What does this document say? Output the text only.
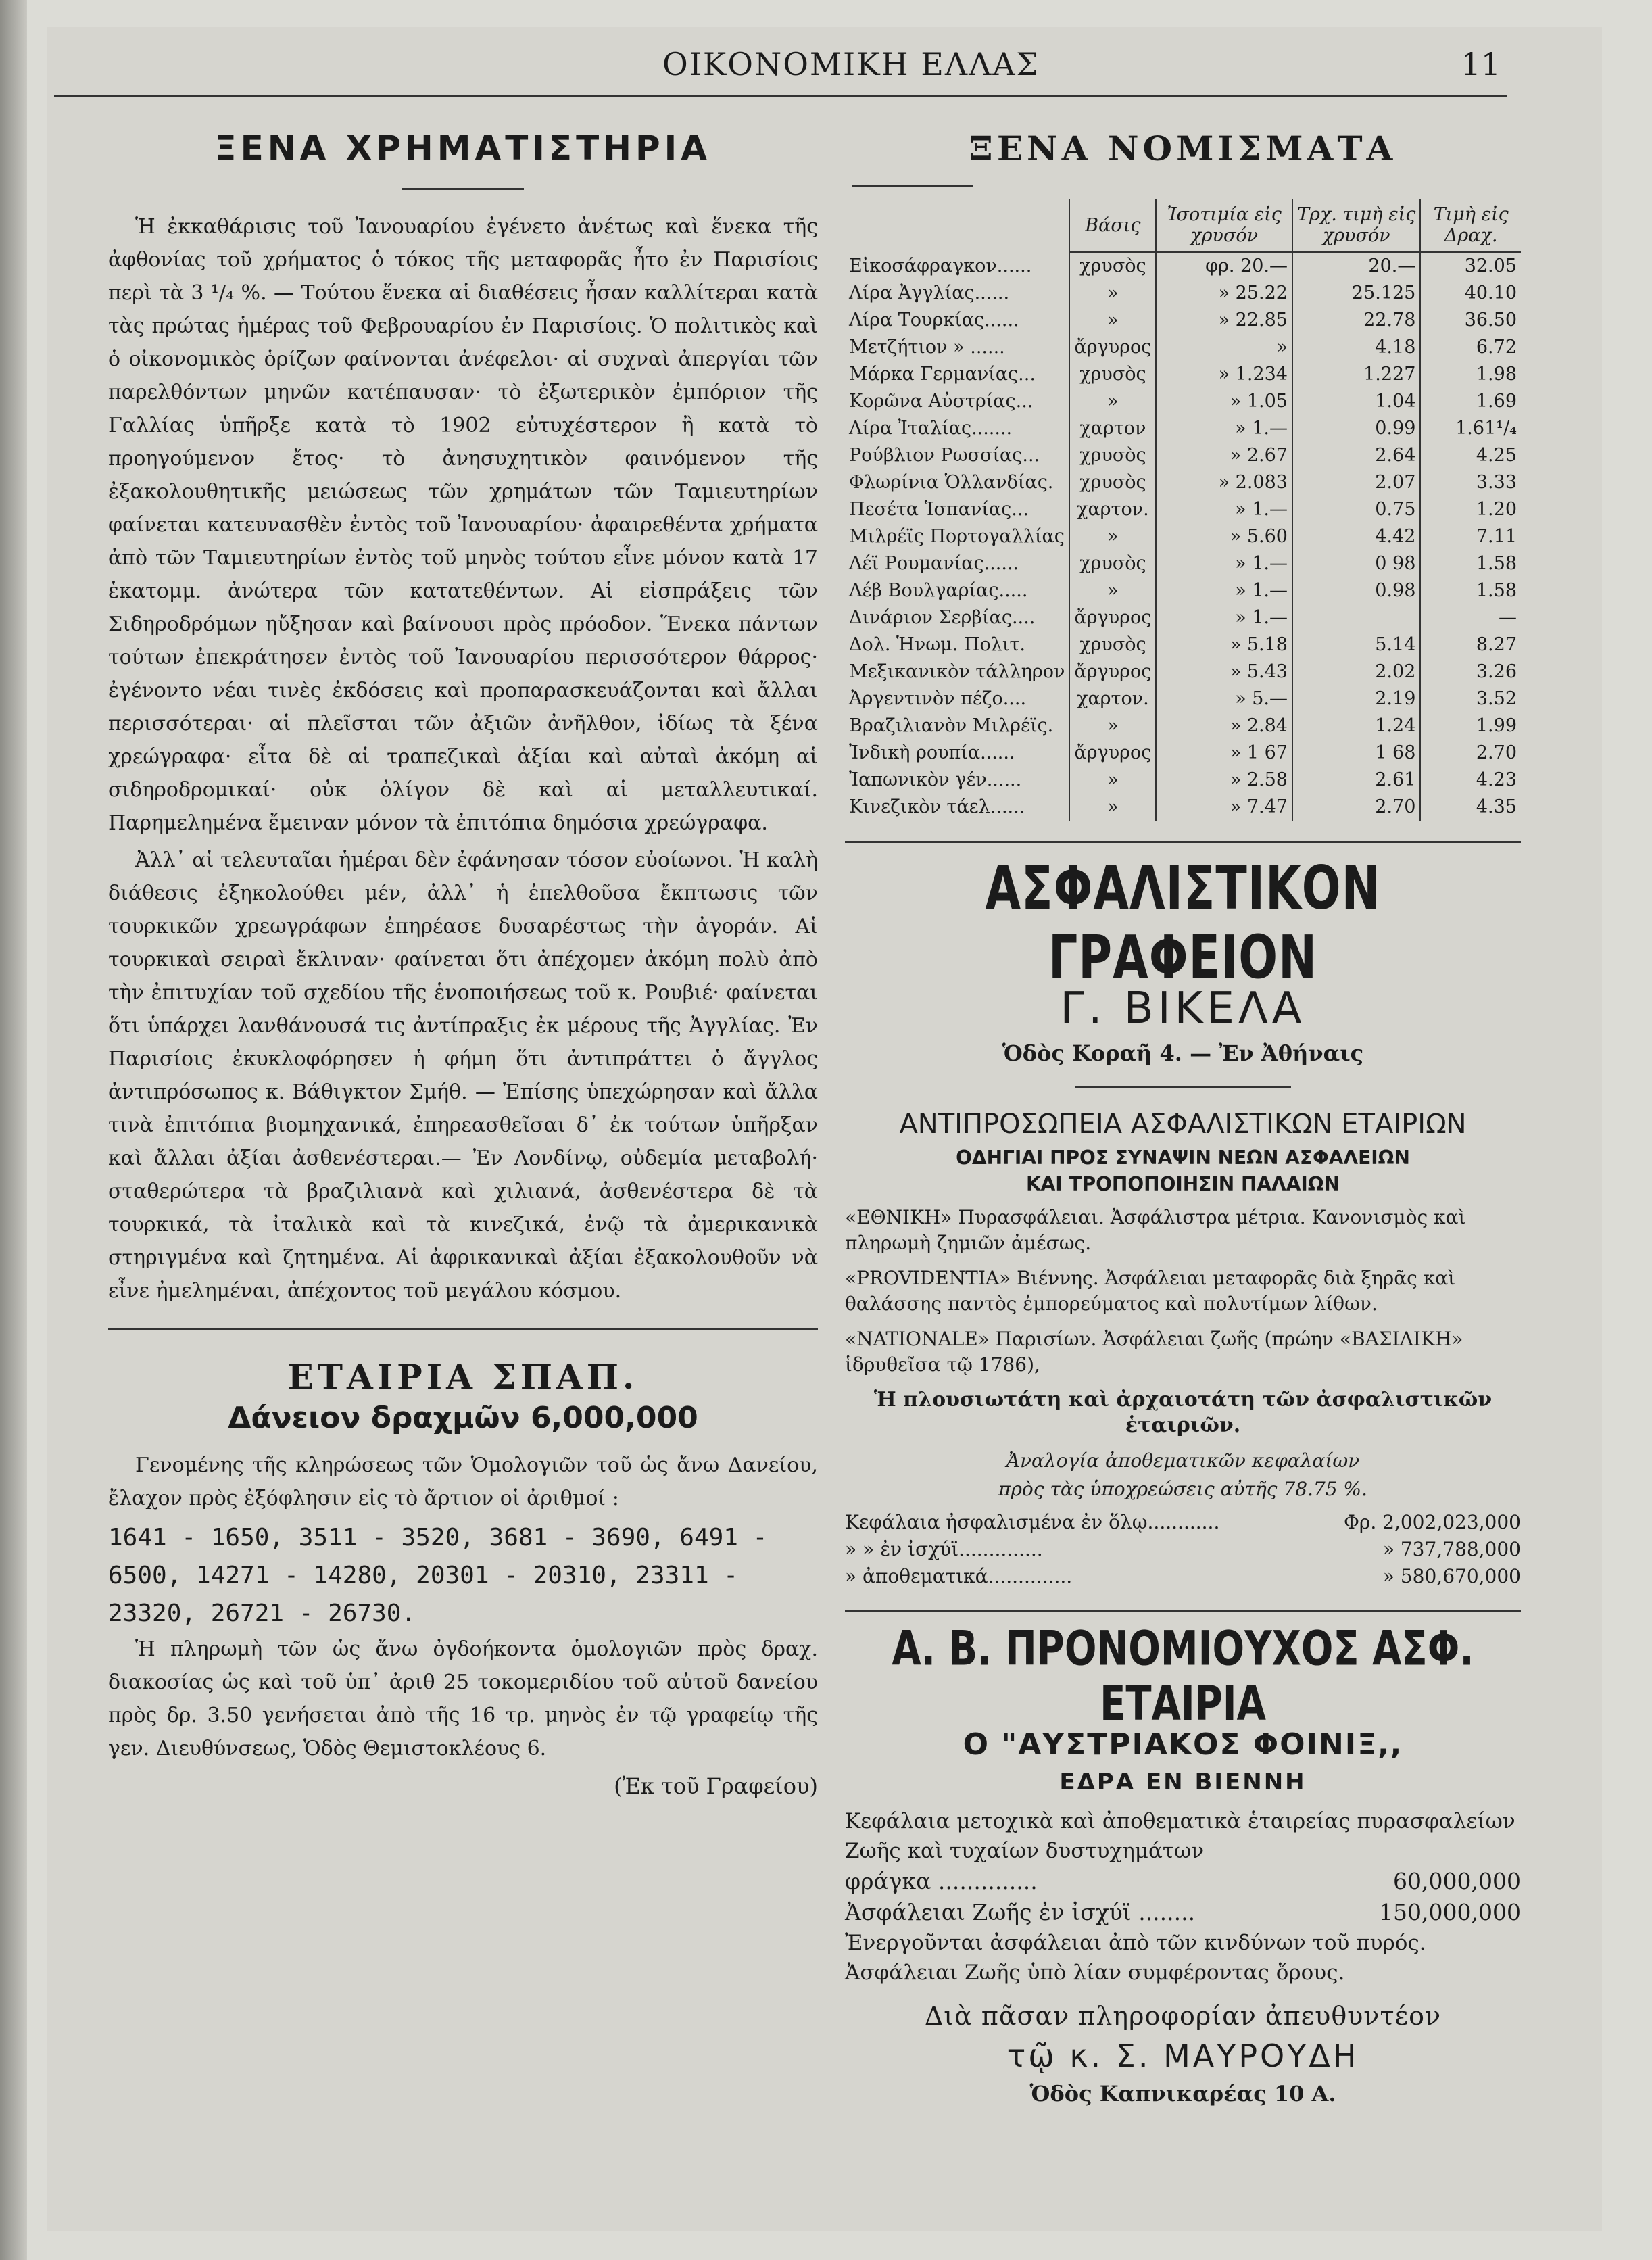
ΟΙΚΟΝΟΜΙΚΗ ΕΛΛΑΣ	11
ΞΕΝΑ ΧΡΗΜΑΤΙΣΤΗΡΙΑ

Ἡ ἐκκαθάρισις τοῦ Ἰανουαρίου ἐγένετο ἀνέτως καὶ ἕνεκα τῆς ἀφθονίας τοῦ χρήματος ὁ τόκος τῆς μεταφορᾶς ἦτο ἐν Παρισίοις περὶ τὰ 3 ¹/₄ %. — Τούτου ἕνεκα αἱ διαθέσεις ἦσαν καλλίτεραι κατὰ τὰς πρώτας ἡμέρας τοῦ Φεβρουαρίου ἐν Παρισίοις. Ὁ πολιτικὸς καὶ ὁ οἰκονομικὸς ὁρίζων φαίνονται ἀνέφελοι· αἱ συχναὶ ἀπεργίαι τῶν παρελθόντων μηνῶν κατέπαυσαν· τὸ ἐξωτερικὸν ἐμπόριον τῆς Γαλλίας ὑπῆρξε κατὰ τὸ 1902 εὐτυχέστερον ἢ κατὰ τὸ προηγούμενον ἔτος· τὸ ἀνησυχητικὸν φαινόμενον τῆς ἐξακολουθητικῆς μειώσεως τῶν χρημάτων τῶν Ταμιευτηρίων φαίνεται κατευνασθὲν ἐντὸς τοῦ Ἰανουαρίου· ἀφαιρεθέντα χρήματα ἀπὸ τῶν Ταμιευτηρίων ἐντὸς τοῦ μηνὸς τούτου εἶνε μόνον κατὰ 17 ἑκατομμ. ἀνώτερα τῶν κατατεθέντων. Αἱ εἰσπράξεις τῶν Σιδηροδρόμων ηὔξησαν καὶ βαίνουσι πρὸς πρόοδον. Ἕνεκα πάντων τούτων ἐπεκράτησεν ἐντὸς τοῦ Ἰανουαρίου περισσότερον θάρρος· ἐγένοντο νέαι τινὲς ἐκδόσεις καὶ προπαρασκευάζονται καὶ ἄλλαι περισσότεραι· αἱ πλεῖσται τῶν ἀξιῶν ἀνῆλθον, ἰδίως τὰ ξένα χρεώγραφα· εἶτα δὲ αἱ τραπεζικαὶ ἀξίαι καὶ αὐταὶ ἀκόμη αἱ σιδηροδρομικαί· οὐκ ὀλίγον δὲ καὶ αἱ μεταλλευτικαί. Παρημελημένα ἔμειναν μόνον τὰ ἐπιτόπια δημόσια χρεώγραφα.

Ἀλλ᾽ αἱ τελευταῖαι ἡμέραι δὲν ἐφάνησαν τόσον εὐοίωνοι. Ἡ καλὴ διάθεσις ἐξηκολούθει μέν, ἀλλ᾽ ἡ ἐπελθοῦσα ἔκπτωσις τῶν τουρκικῶν χρεωγράφων ἐπηρέασε δυσαρέστως τὴν ἀγοράν. Αἱ τουρκικαὶ σειραὶ ἔκλιναν· φαίνεται ὅτι ἀπέχομεν ἀκόμη πολὺ ἀπὸ τὴν ἐπιτυχίαν τοῦ σχεδίου τῆς ἑνοποιήσεως τοῦ κ. Ρουβιέ· φαίνεται ὅτι ὑπάρχει λανθάνουσά τις ἀντίπραξις ἐκ μέρους τῆς Ἀγγλίας. Ἐν Παρισίοις ἐκυκλοφόρησεν ἡ φήμη ὅτι ἀντιπράττει ὁ ἄγγλος ἀντιπρόσωπος κ. Βάθιγκτον Σμήθ. — Ἐπίσης ὑπεχώρησαν καὶ ἄλλα τινὰ ἐπιτόπια βιομηχανικά, ἐπηρεασθεῖσαι δ᾽ ἐκ τούτων ὑπῆρξαν καὶ ἄλλαι ἀξίαι ἀσθενέστεραι.— Ἐν Λονδίνῳ, οὐδεμία μεταβολή· σταθερώτερα τὰ βραζιλιανὰ καὶ χιλιανά, ἀσθενέστερα δὲ τὰ τουρκικά, τὰ ἰταλικὰ καὶ τὰ κινεζικά, ἐνῷ τὰ ἀμερικανικὰ στηριγμένα καὶ ζητημένα. Αἱ ἀφρικανικαὶ ἀξίαι ἐξακολουθοῦν νὰ εἶνε ἠμελημέναι, ἀπέχοντος τοῦ μεγάλου κόσμου.

ΕΤΑΙΡΙΑ ΣΠΑΠ.
Δάνειον δραχμῶν 6,000,000

Γενομένης τῆς κληρώσεως τῶν Ὁμολογιῶν τοῦ ὡς ἄνω Δανείου, ἔλαχον πρὸς ἐξόφλησιν εἰς τὸ ἄρτιον οἱ ἀριθμοί :

1641 - 1650, 3511 - 3520, 3681 - 3690, 6491 - 6500, 14271 - 14280, 20301 - 20310, 23311 - 23320, 26721 - 26730.

Ἡ πληρωμὴ τῶν ὡς ἄνω ὀγδοήκοντα ὁμολογιῶν πρὸς δραχ. διακοσίας ὡς καὶ τοῦ ὑπ᾽ ἀριθ 25 τοκομεριδίου τοῦ αὐτοῦ δανείου πρὸς δρ. 3.50 γενήσεται ἀπὸ τῆς 16 τρ. μηνὸς ἐν τῷ γραφείῳ τῆς γεν. Διευθύνσεως, Ὁδὸς Θεμιστοκλέους 6.

(Ἐκ τοῦ Γραφείου)
ΞΕΝΑ ΝΟΜΙΣΜΑΤΑ
	Βάσις	Ἰσοτιμία εἰς χρυσόν	Τρχ. τιμὴ εἰς χρυσόν	Τιμὴ εἰς Δραχ.
Εἰκοσάφραγκον......	χρυσὸς	φρ. 20.—	20.—	32.05
Λίρα Ἀγγλίας......	»	» 25.22	25.125	40.10
Λίρα Τουρκίας......	»	» 22.85	22.78	36.50
Μετζήτιον » ......	ἄργυρος	»	4.18	6.72
Μάρκα Γερμανίας...	χρυσὸς	» 1.234	1.227	1.98
Κορῶνα Αὐστρίας...	»	» 1.05	1.04	1.69
Λίρα Ἰταλίας.......	χαρτον	» 1.—	0.99	1.61¹/₄
Ρούβλιον Ρωσσίας...	χρυσὸς	» 2.67	2.64	4.25
Φλωρίνια Ὁλλανδίας.	χρυσὸς	» 2.083	2.07	3.33
Πεσέτα Ἱσπανίας...	χαρτον.	» 1.—	0.75	1.20
Μιλρέϊς Πορτογαλλίας	»	» 5.60	4.42	7.11
Λέϊ Ρουμανίας......	χρυσὸς	» 1.—	0 98	1.58
Λέβ Βουλγαρίας.....	»	» 1.—	0.98	1.58
Δινάριον Σερβίας....	ἄργυρος	» 1.—		—
Δολ. Ἡνωμ. Πολιτ.	χρυσὸς	» 5.18	5.14	8.27
Μεξικανικὸν τάλληρον	ἄργυρος	» 5.43	2.02	3.26
Ἀργεντινὸν πέζο....	χαρτον.	» 5.—	2.19	3.52
Βραζιλιανὸν Μιλρέϊς.	»	» 2.84	1.24	1.99
Ἰνδικὴ ρουπία......	ἄργυρος	» 1 67	1 68	2.70
Ἰαπωνικὸν γέν......	»	» 2.58	2.61	4.23
Κινεζικὸν τάελ......	»	» 7.47	2.70	4.35
ΑΣΦΑΛΙΣΤΙΚΟΝ ΓΡΑΦΕΙΟΝ
Γ. ΒΙΚΕΛΑ
Ὁδὸς Κοραῆ 4. — Ἐν Ἀθήναις
ΑΝΤΙΠΡΟΣΩΠΕΙΑ ΑΣΦΑΛΙΣΤΙΚΩΝ ΕΤΑΙΡΙΩΝ
ΟΔΗΓΙΑΙ ΠΡΟΣ ΣΥΝΑΨΙΝ ΝΕΩΝ ΑΣΦΑΛΕΙΩΝ
ΚΑΙ ΤΡΟΠΟΠΟΙΗΣΙΝ ΠΑΛΑΙΩΝ
«ΕΘΝΙΚΗ» Πυρασφάλειαι. Ἀσφάλιστρα μέτρια. Κανονισμὸς καὶ πληρωμὴ ζημιῶν ἀμέσως.
«PROVIDENTIA» Βιέννης. Ἀσφάλειαι μεταφορᾶς διὰ ξηρᾶς καὶ θαλάσσης παντὸς ἐμπορεύματος καὶ πολυτίμων λίθων.
«NATIONALE» Παρισίων. Ἀσφάλειαι ζωῆς (πρώην «ΒΑΣΙΛΙΚΗ» ἱδρυθεῖσα τῷ 1786),
Ἡ πλουσιωτάτη καὶ ἀρχαιοτάτη τῶν ἀσφαλιστικῶν ἑταιριῶν.
Ἀναλογία ἀποθεματικῶν κεφαλαίων
πρὸς τὰς ὑποχρεώσεις αὐτῆς 78.75 %.
Κεφάλαια ἠσφαλισμένα ἐν ὅλῳ............	Φρ. 2,002,023,000
» » ἐν ἰσχύϊ..............	» 737,788,000
» ἀποθεματικά..............	» 580,670,000
Α. Β. ΠΡΟΝΟΜΙΟΥΧΟΣ ΑΣΦ. ΕΤΑΙΡΙΑ
Ο "ΑΥΣΤΡΙΑΚΟΣ ΦΟΙΝΙΞ,,
ΕΔΡΑ ΕΝ ΒΙΕΝΝΗ

Κεφάλαια μετοχικὰ καὶ ἀποθεματικὰ ἑταιρείας πυρασφαλείων Ζωῆς καὶ τυχαίων δυστυχημάτων

φράγκα ..............	60,000,000
Ἀσφάλειαι Ζωῆς ἐν ἰσχύϊ ........	150,000,000

Ἐνεργοῦνται ἀσφάλειαι ἀπὸ τῶν κινδύνων τοῦ πυρός.

Ἀσφάλειαι Ζωῆς ὑπὸ λίαν συμφέροντας ὅρους.

Διὰ πᾶσαν πληροφορίαν ἀπευθυντέον
τῷ κ. Σ. ΜΑΥΡΟΥΔΗ
Ὁδὸς Καπνικαρέας 10 Α.
